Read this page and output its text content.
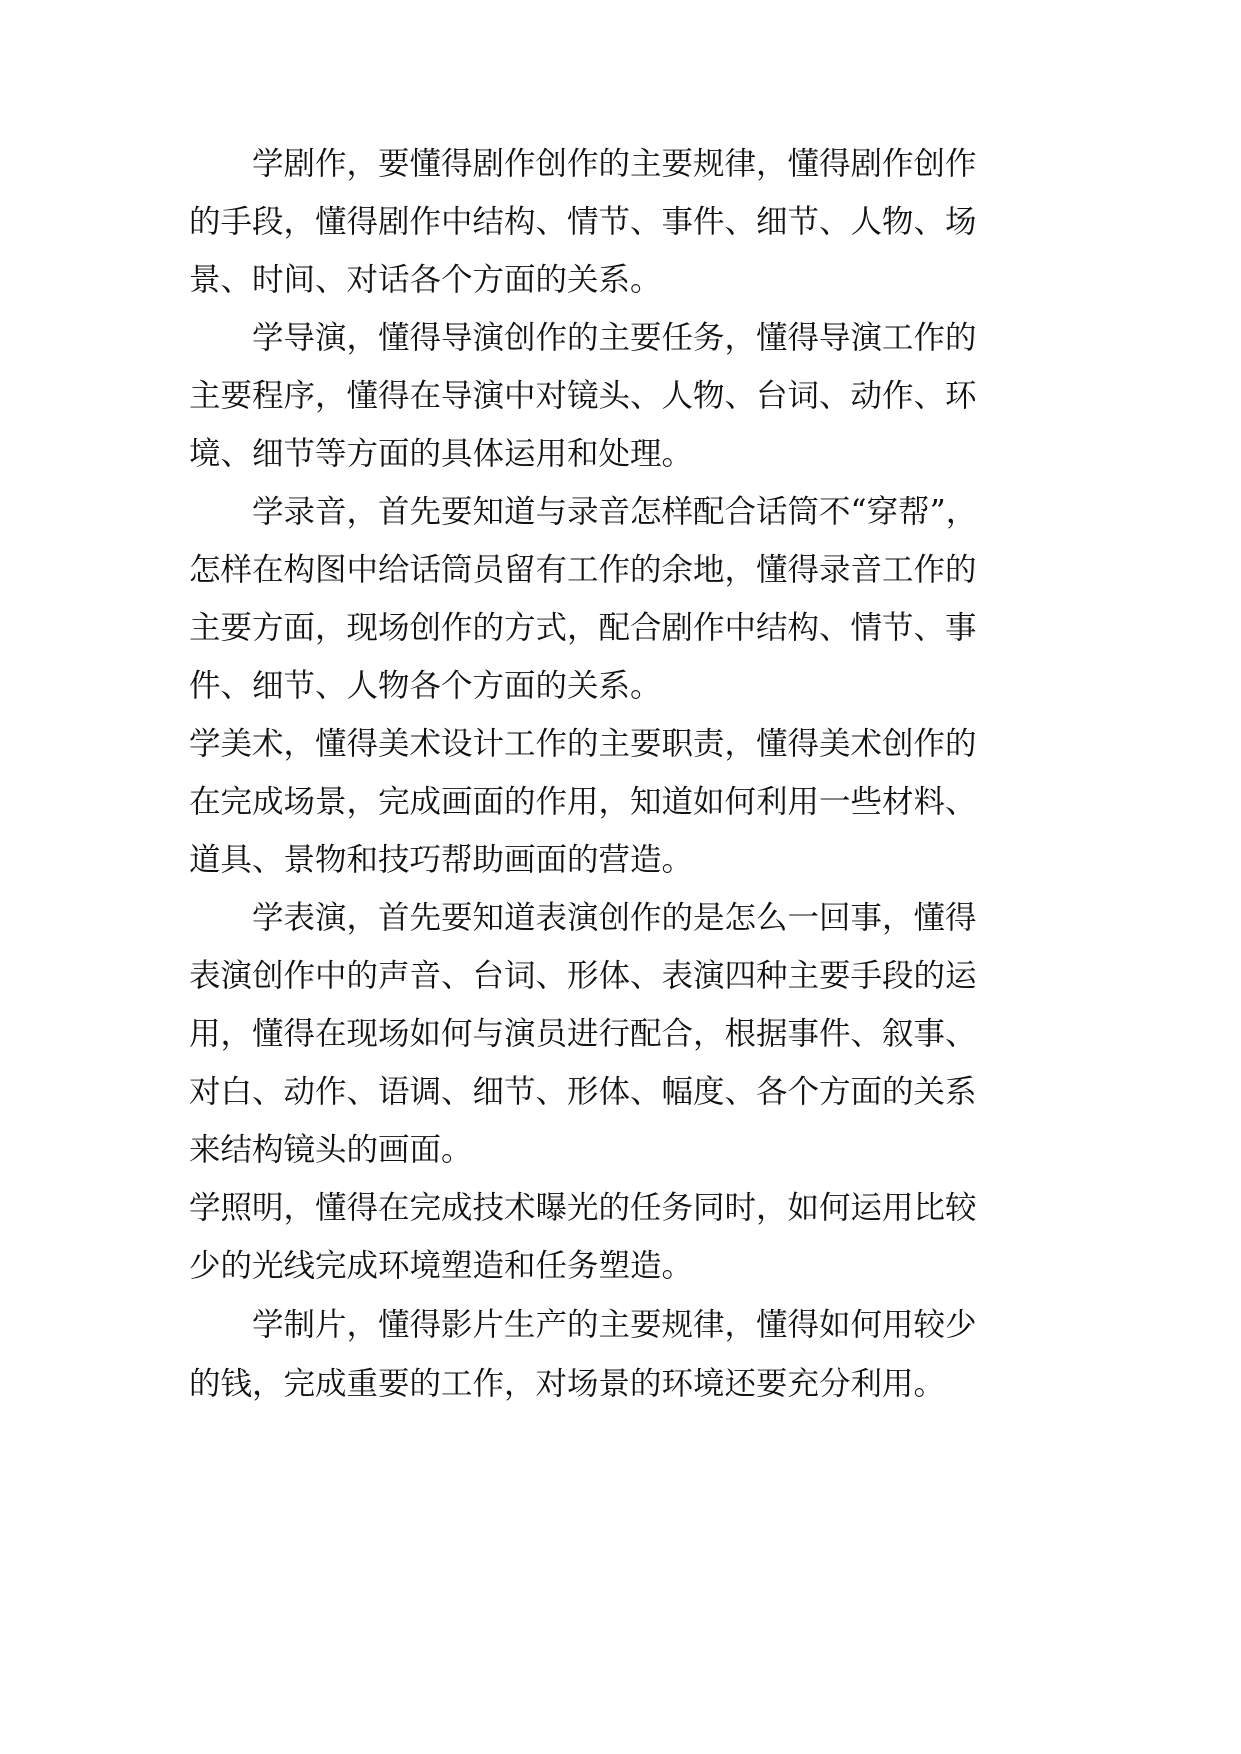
学剧作，要懂得剧作创作的主要规律，懂得剧作创作
的手段，懂得剧作中结构、情节、事件、细节、人物、场
景、时间、对话各个方面的关系。
学导演，懂得导演创作的主要任务，懂得导演工作的
主要程序，懂得在导演中对镜头、人物、台词、动作、环
境、细节等方面的具体运用和处理。
学录音，首先要知道与录音怎样配合话筒不“穿帮”，
怎样在构图中给话筒员留有工作的余地，懂得录音工作的
主要方面，现场创作的方式，配合剧作中结构、情节、事
件、细节、人物各个方面的关系。
学美术，懂得美术设计工作的主要职责，懂得美术创作的
在完成场景，完成画面的作用，知道如何利用一些材料、
道具、景物和技巧帮助画面的营造。
学表演，首先要知道表演创作的是怎么一回事，懂得
表演创作中的声音、台词、形体、表演四种主要手段的运
用，懂得在现场如何与演员进行配合，根据事件、叙事、
对白、动作、语调、细节、形体、幅度、各个方面的关系
来结构镜头的画面。
学照明，懂得在完成技术曝光的任务同时，如何运用比较
少的光线完成环境塑造和任务塑造。
学制片，懂得影片生产的主要规律，懂得如何用较少
的钱，完成重要的工作，对场景的环境还要充分利用。
